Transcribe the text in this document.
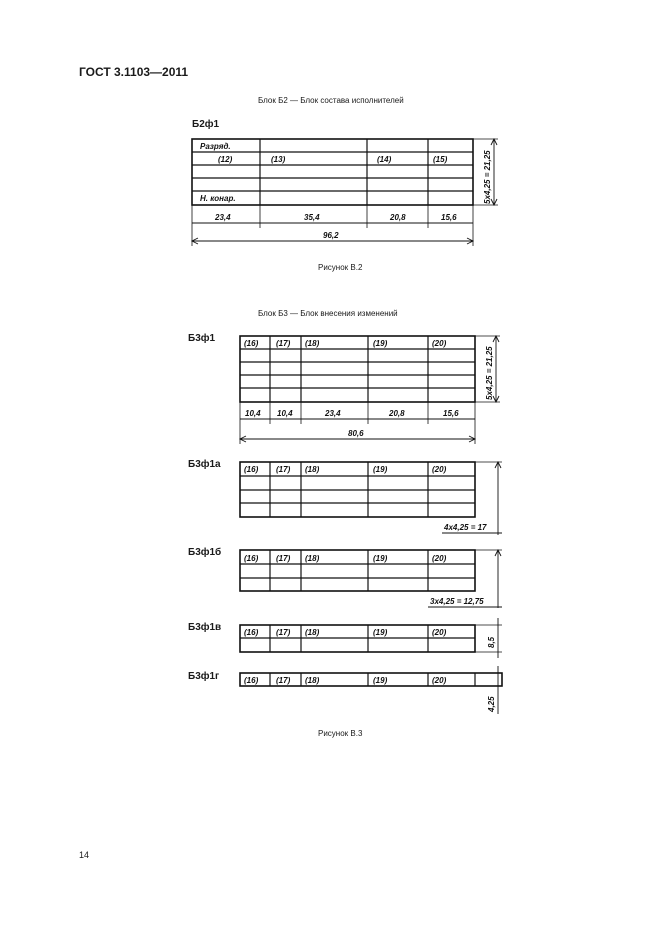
ГОСТ 3.1103—2011
Блок Б2 — Блок состава исполнителей
Б2ф1
Разряд.
(12)	(13)	(14)	(15)
Н. конар.
23,4	35,4	20,8	15,6
96,2
5x4,25 = 21,25
Рисунок В.2
Блок Б3 — Блок внесения изменений
Б3ф1
Б3ф1а
Б3ф1б
Б3ф1в
Б3ф1г
(16) (17) (18)	(19)	(20)
10,4 10,4	23,4	20,8	15,6
80,6
5x4,25 = 21,25
(16) (17) (18)	(19)	(20)
4x4,25 = 17
(16) (17) (18)	(19)	(20)
3x4,25 = 12,75
(16) (17) (18)	(19)	(20)
8,5
(16) (17) (18)	(19)	(20)
4,25
Рисунок В.3
14
